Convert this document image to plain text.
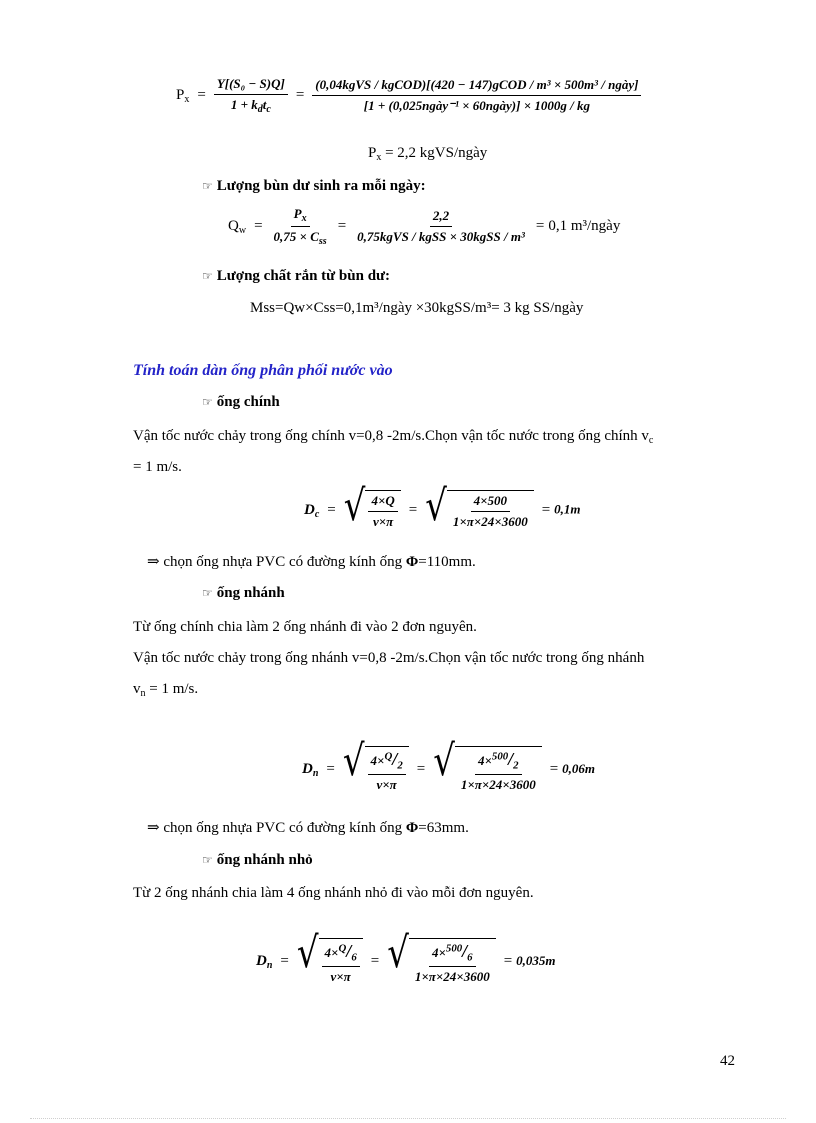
$P_x = \frac{\text{Y[(S₀ − S)Q]}}{1 + k_dt_c} = \frac{\text{(0,04kgVS / kgCOD)[(420 − 147)gCOD / m³ × 500m³ / ngày]}}{\text{[1 + (0,025ngày⁻¹ × 60ngày)] × 1000g / kg}}$
$P_x = 2,2$ kgVS/ngày
☞ Lượng bùn dư sinh ra mỗi ngày:
$Q_w = \frac{P_x}{0,75 \times C_{ss}} = \frac{2,2}{\text{0,75kgVS / kgSS × 30kgSS / m³}} = 0,1$ m³/ngày
☞ Lượng chất rắn từ bùn dư:
Mss=Qw×Css=0,1m³/ngày ×30kgSS/m³= 3 kg SS/ngày
Tính toán dàn ống phân phối nước vào
☞ ống chính
Vận tốc nước chảy trong ống chính v=0,8 -2m/s.Chọn vận tốc nước trong ống chính $v_c$
= 1 m/s.
$D_c$ = √ $\frac{4\times Q}{v\times\pi}$ = √ $\frac{4\times 500}{1\times\pi\times 24\times 3600} = 0,1m$
⇒ chọn ống nhựa PVC có đường kính ống Φ=110mm.
☞ ống nhánh
Từ ống chính chia làm 2 ống nhánh đi vào 2 đơn nguyên.
Vận tốc nước chảy trong ống nhánh v=0,8 -2m/s.Chọn vận tốc nước trong ống nhánh
$v_n = 1$ m/s.
$D_n$ = √ $\frac{4\times^Q/_2}{v\times\pi}$ = √ $\frac{4\times^{500}/_2}{1\times\pi\times 24\times 3600} = 0,06m$
⇒ chọn ống nhựa PVC có đường kính ống Φ=63mm.
☞ ống nhánh nhỏ
Từ 2 ống nhánh chia làm 4 ống nhánh nhỏ đi vào mỗi đơn nguyên.
$D_n$ = √ $\frac{4\times^Q/_6}{v\times\pi}$ = √ $\frac{4\times^{500}/_6}{1\times\pi\times 24\times 3600} = 0,035m$
42
